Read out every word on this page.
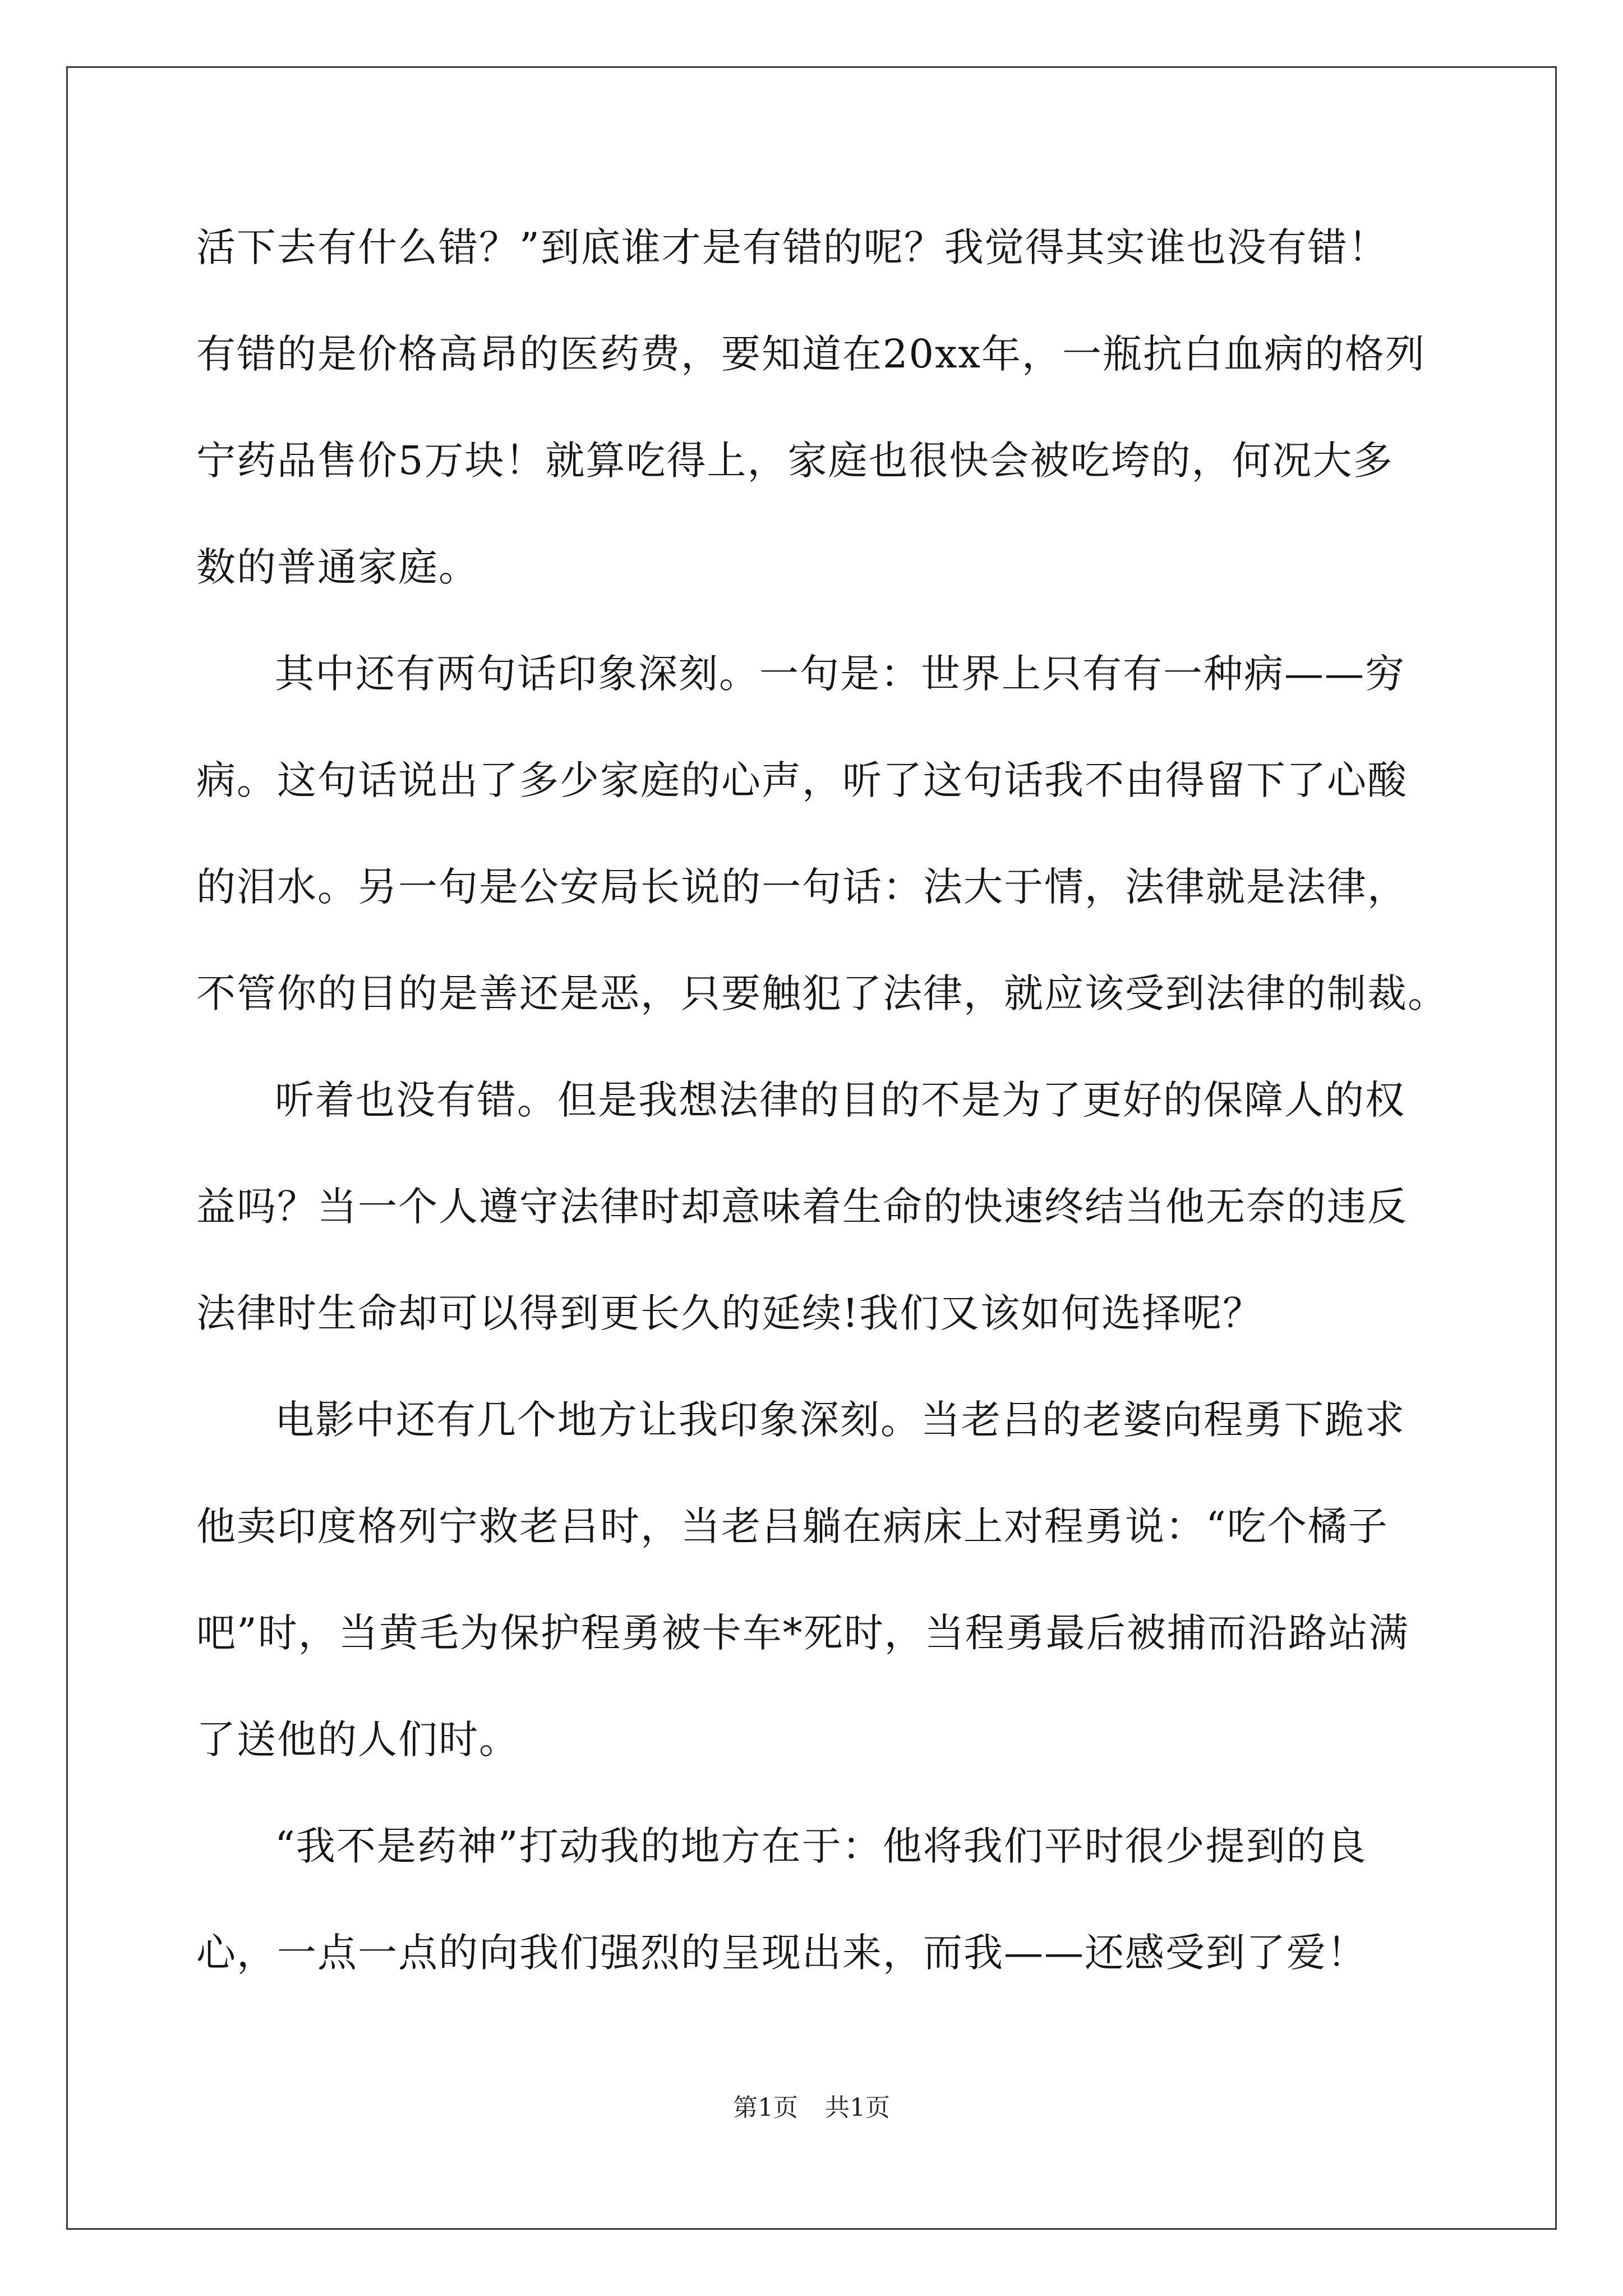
活下去有什么错？”到底谁才是有错的呢？我觉得其实谁也没有错！
有错的是价格高昂的医药费，要知道在20xx年，一瓶抗白血病的格列
宁药品售价5万块！就算吃得上，家庭也很快会被吃垮的，何况大多
数的普通家庭。
其中还有两句话印象深刻。一句是：世界上只有有一种病——穷
病。这句话说出了多少家庭的心声，听了这句话我不由得留下了心酸
的泪水。另一句是公安局长说的一句话：法大于情，法律就是法律，
不管你的目的是善还是恶，只要触犯了法律，就应该受到法律的制裁。
听着也没有错。但是我想法律的目的不是为了更好的保障人的权
益吗？当一个人遵守法律时却意味着生命的快速终结当他无奈的违反
法律时生命却可以得到更长久的延续!我们又该如何选择呢？
电影中还有几个地方让我印象深刻。当老吕的老婆向程勇下跪求
他卖印度格列宁救老吕时，当老吕躺在病床上对程勇说：“吃个橘子
吧”时，当黄毛为保护程勇被卡车*死时，当程勇最后被捕而沿路站满
了送他的人们时。
“我不是药神”打动我的地方在于：他将我们平时很少提到的良
心，一点一点的向我们强烈的呈现出来，而我——还感受到了爱！
第1页 共1页
